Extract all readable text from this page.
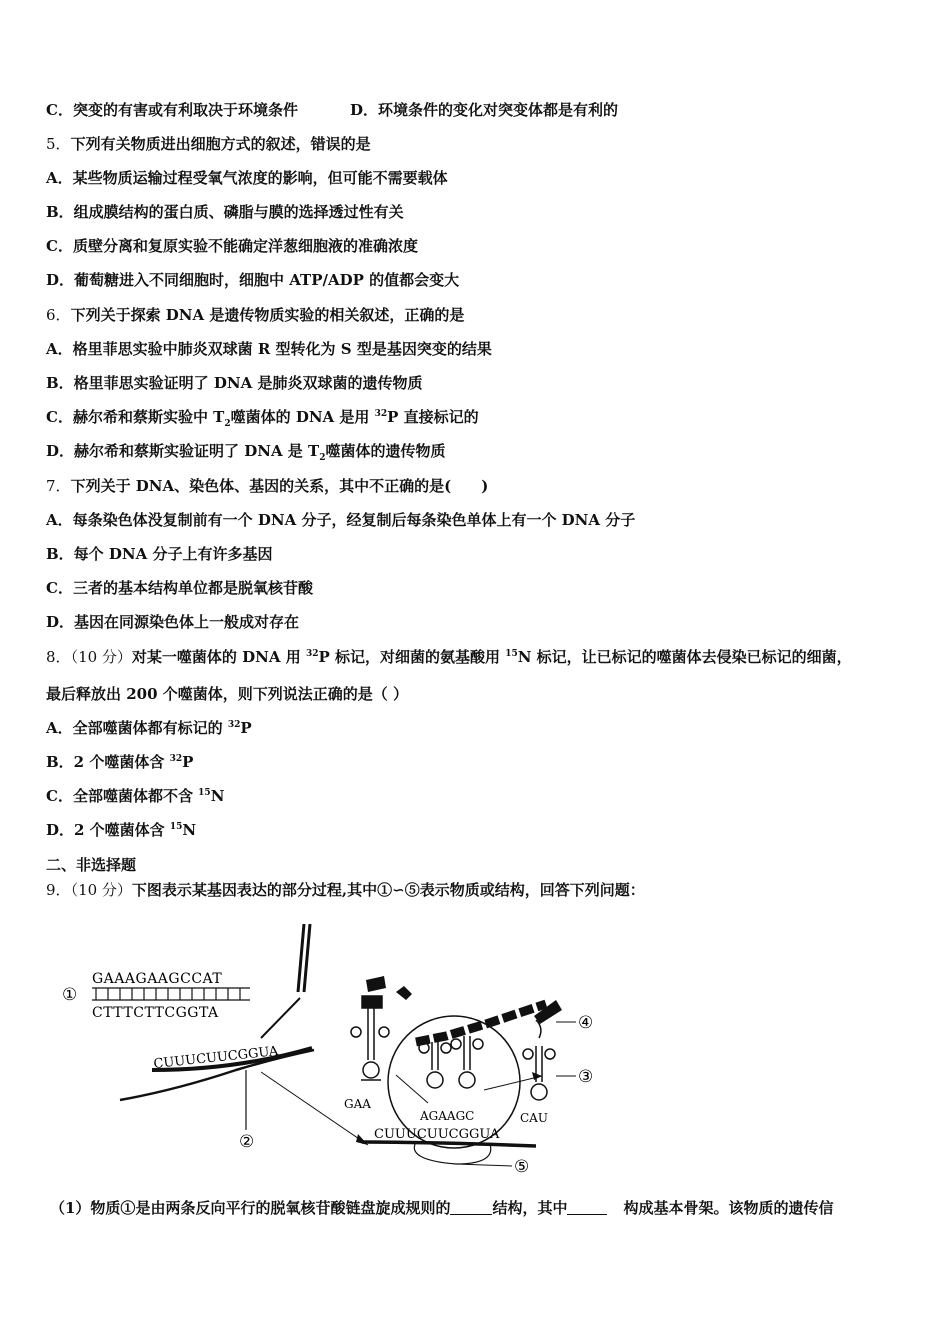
C．突变的有害或有利取决于环境条件	D．环境条件的变化对突变体都是有利的
5．下列有关物质进出细胞方式的叙述，错误的是
A．某些物质运输过程受氧气浓度的影响，但可能不需要载体
B．组成膜结构的蛋白质、磷脂与膜的选择透过性有关
C．质壁分离和复原实验不能确定洋葱细胞液的准确浓度
D．葡萄糖进入不同细胞时，细胞中 ATP/ADP 的值都会变大
6．下列关于探索 DNA 是遗传物质实验的相关叙述，正确的是
A．格里菲思实验中肺炎双球菌 R 型转化为 S 型是基因突变的结果
B．格里菲思实验证明了 DNA 是肺炎双球菌的遗传物质
C．赫尔希和蔡斯实验中 $T_2$噬菌体的 DNA 是用 $^{32}$P 直接标记的
D．赫尔希和蔡斯实验证明了 DNA 是 $T_2$噬菌体的遗传物质
7．下列关于 DNA、染色体、基因的关系，其中不正确的是(　　)
A．每条染色体没复制前有一个 DNA 分子，经复制后每条染色单体上有一个 DNA 分子
B．每个 DNA 分子上有许多基因
C．三者的基本结构单位都是脱氧核苷酸
D．基因在同源染色体上一般成对存在
8．（10 分）对某一噬菌体的 DNA 用 $^{32}$P 标记，对细菌的氨基酸用 $^{15}$N 标记，让已标记的噬菌体去侵染已标记的细菌，
最后释放出 200 个噬菌体，则下列说法正确的是（ ）
A．全部噬菌体都有标记的 $^{32}$P
B．2 个噬菌体含 $^{32}$P
C．全部噬菌体都不含 $^{15}$N
D．2 个噬菌体含 $^{15}$N
二、非选择题
9．（10 分）下图表示某基因表达的部分过程,其中①∽⑤表示物质或结构，回答下列问题：
①
GAAAGAAGCCAT
CTTTCTTCGGTA
CUUUCUUCGGUA
②
GAA
AGAAGC	CAU
③
④
CUUUCUUCGGUA
⑤
（1）物质①是由两条反向平行的脱氧核苷酸链盘旋成规则的	结构，其中	构成基本骨架。该物质的遗传信
